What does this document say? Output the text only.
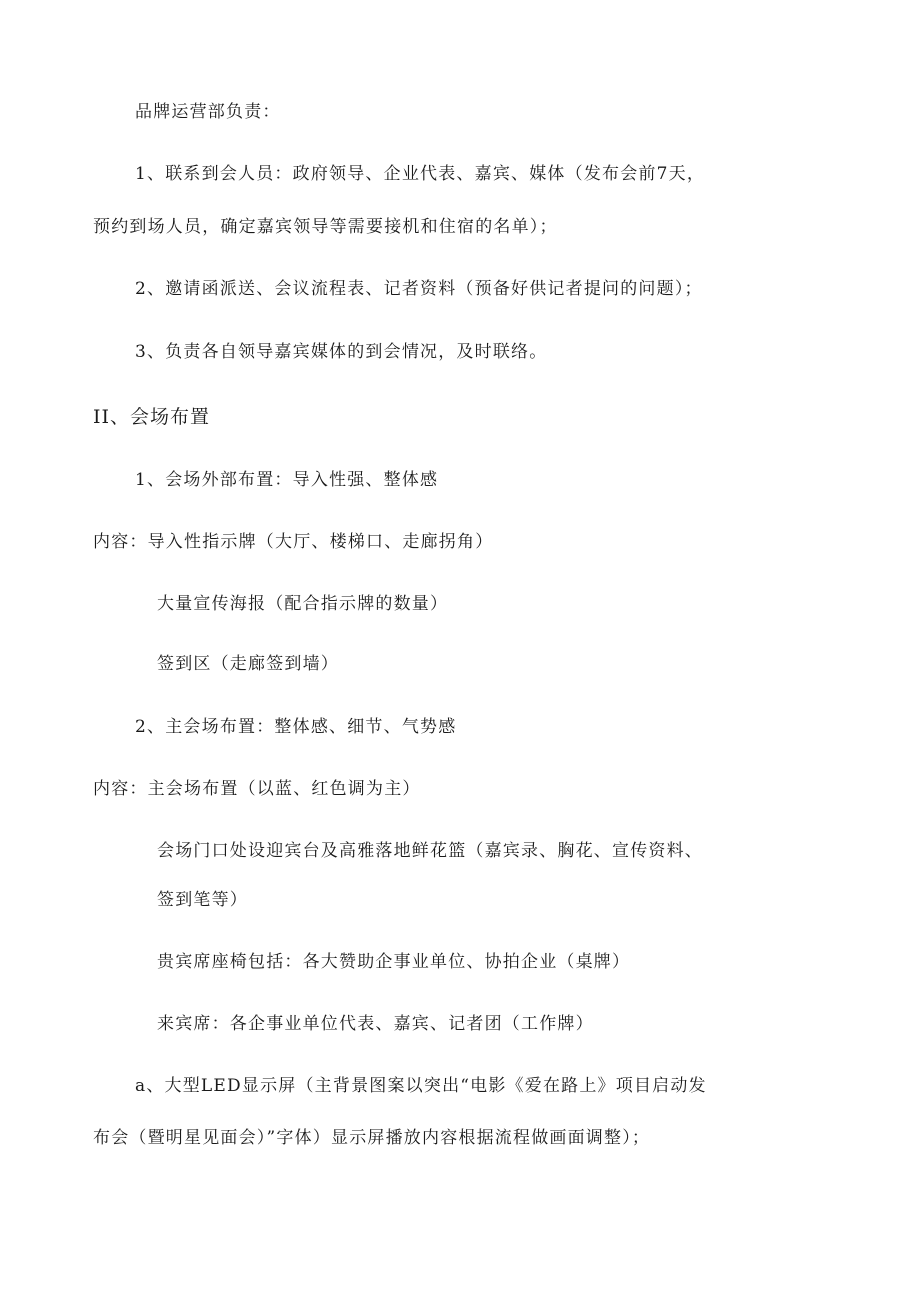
品牌运营部负责：
1、联系到会人员：政府领导、企业代表、嘉宾、媒体（发布会前7天，
预约到场人员，确定嘉宾领导等需要接机和住宿的名单）；
2、邀请函派送、会议流程表、记者资料（预备好供记者提问的问题）；
3、负责各自领导嘉宾媒体的到会情况，及时联络。
II、会场布置
1、会场外部布置：导入性强、整体感
内容：导入性指示牌（大厅、楼梯口、走廊拐角）
大量宣传海报（配合指示牌的数量）
签到区（走廊签到墙）
2、主会场布置：整体感、细节、气势感
内容：主会场布置（以蓝、红色调为主）
会场门口处设迎宾台及高雅落地鲜花篮（嘉宾录、胸花、宣传资料、
签到笔等）
贵宾席座椅包括：各大赞助企事业单位、协拍企业（桌牌）
来宾席：各企事业单位代表、嘉宾、记者团（工作牌）
a、大型LED显示屏（主背景图案以突出“电影《爱在路上》项目启动发
布会（暨明星见面会）”字体）显示屏播放内容根据流程做画面调整）；
